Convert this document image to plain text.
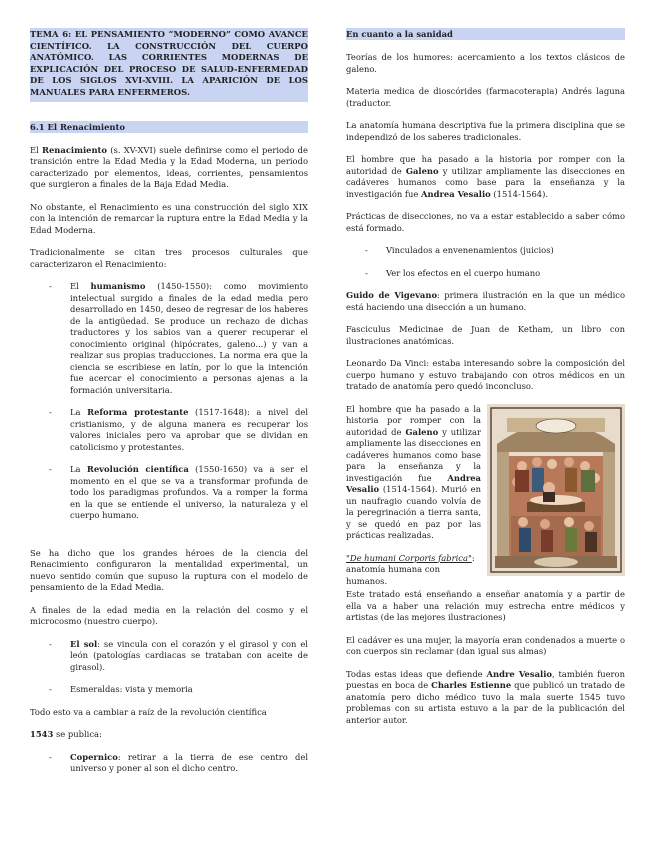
TEMA 6: EL PENSAMIENTO “MODERNO” COMO AVANCE CIENTÍFICO. LA CONSTRUCCIÓN DEL CUERPO ANATÓMICO. LAS CORRIENTES MODERNAS DE EXPLICACIÓN DEL PROCESO DE SALUD-ENFERMEDAD DE LOS SIGLOS XVI-XVIII. LA APARICIÓN DE LOS MANUALES PARA ENFERMEROS.
6.1 El Renacimiento

El Renacimiento (s. XV-XVI) suele definirse como el periodo de transición entre la Edad Media y la Edad Moderna, un periodo caracterizado por elementos, ideas, corrientes, pensamientos que surgieron a finales de la Baja Edad Media.

No obstante, el Renacimiento es una construcción del siglo XIX con la intención de remarcar la ruptura entre la Edad Media y la Edad Moderna.

Tradicionalmente se citan tres procesos culturales que caracterizaron el Renacimiento:

- El humanismo (1450-1550): como movimiento intelectual surgido a finales de la edad media pero desarrollado en 1450, deseo de regresar de los haberes de la antigüedad. Se produce un rechazo de dichas traductores y los sabios van a querer recuperar el conocimiento original (hipócrates, galeno...) y van a realizar sus propias traducciones. La norma era que la ciencia se escribiese en latín, por lo que la intención fue acercar el conocimiento a personas ajenas a la formación universitaria.
- La Reforma protestante (1517-1648): a nivel del cristianismo, y de alguna manera es recuperar los valores iniciales pero va aprobar que se dividan en catolicismo y protestantes.
- La Revolución científica (1550-1650) va a ser el momento en el que se va a transformar profunda de todo los paradigmas profundos. Va a romper la forma en la que se entiende el universo, la naturaleza y el cuerpo humano.

Se ha dicho que los grandes héroes de la ciencia del Renacimiento configuraron la mentalidad experimental, un nuevo sentido común que supuso la ruptura con el modelo de pensamiento de la Edad Media.

A finales de la edad media en la relación del cosmo y el microcosmo (nuestro cuerpo).

- El sol: se vincula con el corazón y el girasol y con el león (patologías cardiacas se trataban con aceite de girasol).
- Esmeraldas: vista y memoria

Todo esto va a cambiar a raíz de la revolución científica

1543 se publica:

- Copernico: retirar a la tierra de ese centro del universo y poner al son el dicho centro.
En cuanto a la sanidad

Teorías de los humores: acercamiento a los textos clásicos de galeno.

Materia medica de dioscórides (farmacoterapia) Andrés laguna (traductor.

La anatomía humana descriptiva fue la primera disciplina que se independizó de los saberes tradicionales.

El hombre que ha pasado a la historia por romper con la autoridad de Galeno y utilizar ampliamente las disecciones en cadáveres humanos como base para la enseñanza y la investigación fue Andrea Vesalio (1514-1564).

Prácticas de disecciones, no va a estar establecido a saber cómo está formado.

- Vinculados a envenenamientos (juicios)
- Ver los efectos en el cuerpo humano

Guido de Vigevano: primera ilustración en la que un médico está haciendo una disección a un humano.

Fasciculus Medicinae de Juan de Ketham, un libro con ilustraciones anatómicas.

Leonardo Da Vinci: estaba interesando sobre la composición del cuerpo humano y estuvo trabajando con otros médicos en un tratado de anatomía pero quedó inconcluso.

El hombre que ha pasado a la historia por romper con la autoridad de Galeno y utilizar ampliamente las disecciones en cadáveres humanos como base para la enseñanza y la investigación fue Andrea Vesalio (1514-1564). Murió en un naufragio cuando volvía de la peregrinación a tierra santa, y se quedó en paz por las prácticas realizadas.

"De humani Corporis fabrica": anatomía humana con humanos.

Este tratado está enseñando a enseñar anatomía y a partir de ella va a haber una relación muy estrecha entre médicos y artistas (de las mejores ilustraciones)

El cadáver es una mujer, la mayoría eran condenados a muerte o con cuerpos sin reclamar (dan igual sus almas)

Todas estas ideas que defiende Andre Vesalio, también fueron puestas en boca de Charles Estienne que publicó un tratado de anatomía pero dicho médico tuvo la mala suerte 1545 tuvo problemas con su artista estuvo a la par de la publicación del anterior autor.
